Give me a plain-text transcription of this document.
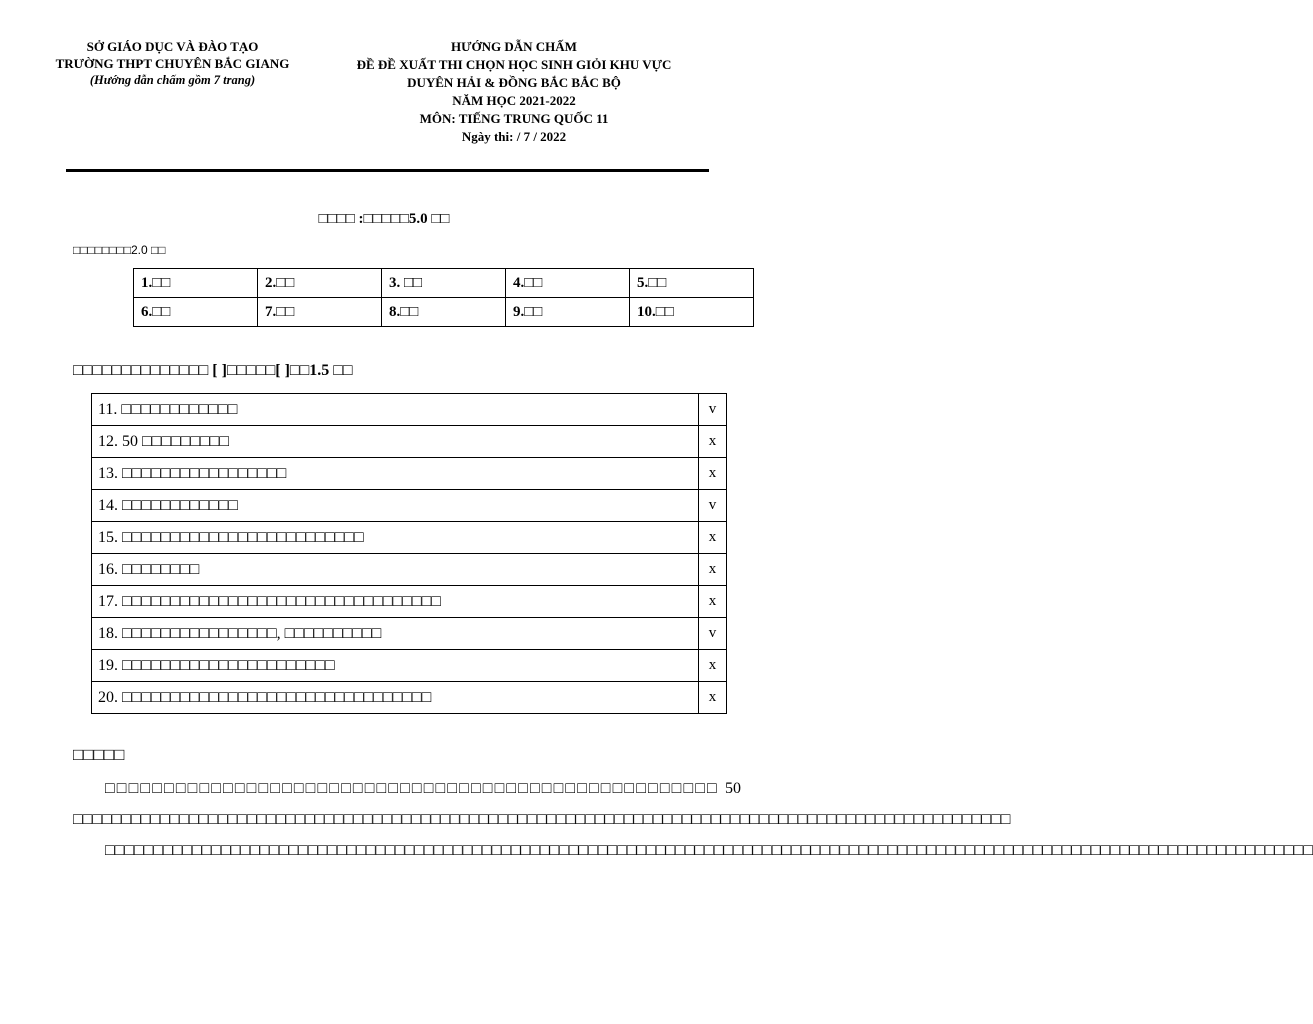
SỞ GIÁO DỤC VÀ ĐÀO TẠO
TRƯỜNG THPT CHUYÊN BẮC GIANG
(Hướng dẫn chấm gồm 7 trang)
HƯỚNG DẪN CHẤM
ĐỀ ĐỀ XUẤT THI CHỌN HỌC SINH GIỎI KHU VỰC
DUYÊN HẢI & ĐỒNG BẮC BẮC BỘ
NĂM HỌC 2021-2022
MÔN: TIẾNG TRUNG QUỐC 11
Ngày thi: / 7 / 2022
□□□□ :□□□□□5.0 □□
□□□□□□□□2.0 □□
1.□□	2.□□	3. □□	4.□□	5.□□
6.□□	7.□□	8.□□	9.□□	10.□□
□□□□□□□□□□□□□□ [ ]□□□□□[ ]□□1.5 □□
11. □□□□□□□□□□□□	v
12. 50 □□□□□□□□□	x
13. □□□□□□□□□□□□□□□□□	x
14. □□□□□□□□□□□□	v
15. □□□□□□□□□□□□□□□□□□□□□□□□□	x
16. □□□□□□□□	x
17. □□□□□□□□□□□□□□□□□□□□□□□□□□□□□□□□□	x
18. □□□□□□□□□□□□□□□□, □□□□□□□□□□	v
19. □□□□□□□□□□□□□□□□□□□□□□	x
20. □□□□□□□□□□□□□□□□□□□□□□□□□□□□□□□□	x
□□□□□

□□□□□□□□□□□□□□□□□□□□□□□□□□□□□□□□□□□□□□□□□□□□□□□□□□□□ 50 □□□□□□□□□□□□□□□□□□□□□□□□□□□□□□□□□□□□□□□□□□□□□□□□□□□□□□□□□□□□□□□□□□□□□□□□□□□□□□□□□□□□□□□□□□□□□□□□□

□□□□□□□□□□□□□□□□□□□□□□□□□□□□□□□□□□□□□□□□□□□□□□□□□□□□□□□□□□□□□□□□□□□□□□□□□□□□□□□□□□□□□□□□□□□□□□□□□□□□□□□□□□□□□□□□□□□□□□□□□□□□□
